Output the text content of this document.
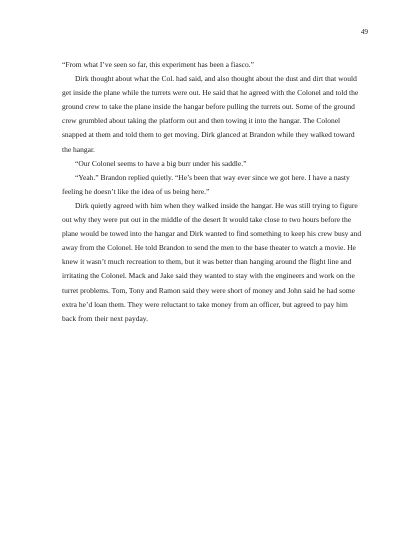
49

“From what I’ve seen so far, this experiment has been a fiasco.”

Dirk thought about what the Col. had said, and also thought about the dust and dirt that would get inside the plane while the turrets were out. He said that he agreed with the Colonel and told the ground crew to take the plane inside the hangar before pulling the turrets out. Some of the ground crew grumbled about taking the platform out and then towing it into the hangar. The Colonel snapped at them and told them to get moving. Dirk glanced at Brandon while they walked toward the hangar.

“Our Colonel seems to have a big burr under his saddle.”

“Yeah.” Brandon replied quietly. “He’s been that way ever since we got here. I have a nasty feeling he doesn’t like the idea of us being here.”

Dirk quietly agreed with him when they walked inside the hangar. He was still trying to figure out why they were put out in the middle of the desert It would take close to two hours before the plane would be towed into the hangar and Dirk wanted to find something to keep his crew busy and away from the Colonel. He told Brandon to send the men to the base theater to watch a movie. He knew it wasn’t much recreation to them, but it was better than hanging around the flight line and irritating the Colonel. Mack and Jake said they wanted to stay with the engineers and work on the turret problems. Tom, Tony and Ramon said they were short of money and John said he had some extra he’d loan them. They were reluctant to take money from an officer, but agreed to pay him back from their next payday.
